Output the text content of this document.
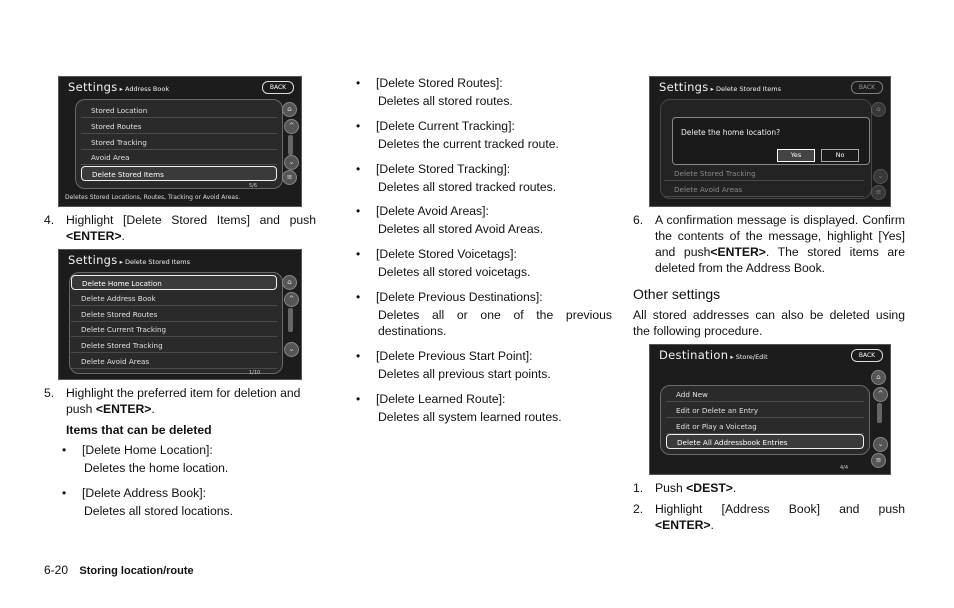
Settings ▸ Address Book	BACK
⌂
^
⌄
≡
5/6
Deletes Stored Locations, Routes, Tracking or Avoid Areas.
Stored Location
Stored Routes
Stored Tracking
Avoid Area
Delete Stored Items
4. Highlight [Delete Stored Items] and push <ENTER>.
Settings ▸ Delete Stored Items
⌂
^
⌄
1/10
Delete Home Location
Delete Address Book
Delete Stored Routes
Delete Current Tracking
Delete Stored Tracking
Delete Avoid Areas
5. Highlight the preferred item for deletion and push <ENTER>.
Items that can be deleted
• [Delete Home Location]:
Deletes the home location.
• [Delete Address Book]:
Deletes all stored locations.
• [Delete Stored Routes]:
Deletes all stored routes.
• [Delete Current Tracking]:
Deletes the current tracked route.
• [Delete Stored Tracking]:
Deletes all stored tracked routes.
• [Delete Avoid Areas]:
Deletes all stored Avoid Areas.
• [Delete Stored Voicetags]:
Deletes all stored voicetags.
• [Delete Previous Destinations]:
Deletes all or one of the previous destinations.
• [Delete Previous Start Point]:
Deletes all previous start points.
• [Delete Learned Route]:
Deletes all system learned routes.
Settings ▸ Delete Stored Items	BACK
Delete Stored Tracking
Delete Avoid Areas
Delete the home location?
Yes	No
⌂
⌄
≡
6. A confirmation message is displayed. Confirm the contents of the message, highlight [Yes] and push<ENTER>. The stored items are deleted from the Address Book.
Other settings
All stored addresses can also be deleted using the following procedure.
Destination ▸ Store/Edit	BACK
⌂
^
⌄
≡
4/4
Add New
Edit or Delete an Entry
Edit or Play a Voicetag
Delete All Addressbook Entries
1. Push <DEST>.
2. Highlight [Address Book] and push <ENTER>.
6-20 Storing location/route
